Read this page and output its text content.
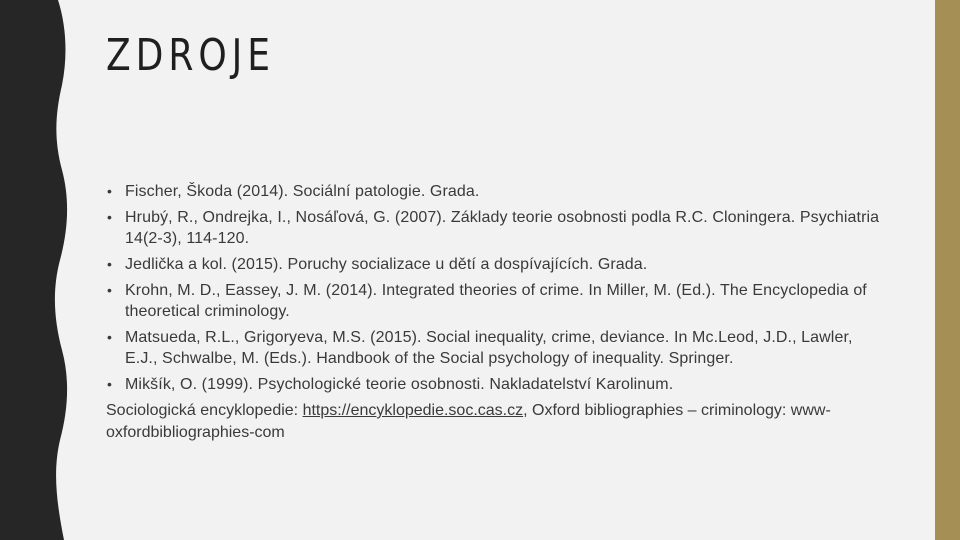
ZDROJE
• Fischer, Škoda (2014). Sociální patologie. Grada.
• Hrubý, R., Ondrejka, I., Nosáľová, G. (2007). Základy teorie osobnosti podla R.C. Cloningera. Psychiatria 14(2-3), 114-120.
• Jedlička a kol. (2015). Poruchy socializace u dětí a dospívajících. Grada.
• Krohn, M. D., Eassey, J. M. (2014). Integrated theories of crime. In Miller, M. (Ed.). The Encyclopedia of theoretical criminology.
• Matsueda, R.L., Grigoryeva, M.S. (2015). Social inequality, crime, deviance. In Mc.Leod, J.D., Lawler, E.J., Schwalbe, M. (Eds.). Handbook of the Social psychology of inequality. Springer.
• Mikšík, O. (1999). Psychologické teorie osobnosti. Nakladatelství Karolinum.

Sociologická encyklopedie: https://encyklopedie.soc.cas.cz, Oxford bibliographies – criminology: www-oxfordbibliographies-com
